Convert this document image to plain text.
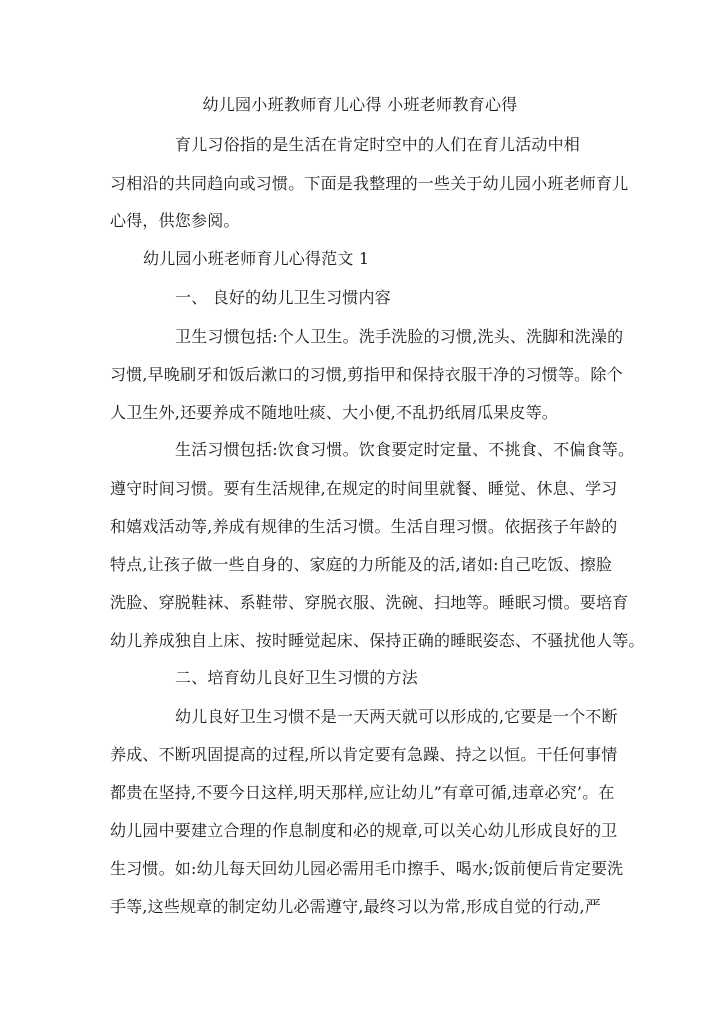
幼儿园小班教师育儿心得 小班老师教育心得
育儿习俗指的是生活在肯定时空中的人们在育儿活动中相
习相沿的共同趋向或习惯。下面是我整理的一些关于幼儿园小班老师育儿
心得，供您参阅。
幼儿园小班老师育儿心得范文 1
一、 良好的幼儿卫生习惯内容
卫生习惯包括:个人卫生。洗手洗脸的习惯,洗头、洗脚和洗澡的
习惯,早晚刷牙和饭后漱口的习惯,剪指甲和保持衣服干净的习惯等。除个
人卫生外,还要养成不随地吐痰、大小便,不乱扔纸屑瓜果皮等。
生活习惯包括:饮食习惯。饮食要定时定量、不挑食、不偏食等。
遵守时间习惯。要有生活规律,在规定的时间里就餐、睡觉、休息、学习
和嬉戏活动等,养成有规律的生活习惯。生活自理习惯。依据孩子年龄的
特点,让孩子做一些自身的、家庭的力所能及的活,诸如:自己吃饭、擦脸
洗脸、穿脱鞋袜、系鞋带、穿脱衣服、洗碗、扫地等。睡眠习惯。要培育
幼儿养成独自上床、按时睡觉起床、保持正确的睡眠姿态、不骚扰他人等。
二、培育幼儿良好卫生习惯的方法
幼儿良好卫生习惯不是一天两天就可以形成的,它要是一个不断
养成、不断巩固提高的过程,所以肯定要有急躁、持之以恒。干任何事情
都贵在坚持,不要今日这样,明天那样,应让幼儿”有章可循,违章必究’。在
幼儿园中要建立合理的作息制度和必的规章,可以关心幼儿形成良好的卫
生习惯。如:幼儿每天回幼儿园必需用毛巾擦手、喝水;饭前便后肯定要洗
手等,这些规章的制定幼儿必需遵守,最终习以为常,形成自觉的行动,严
